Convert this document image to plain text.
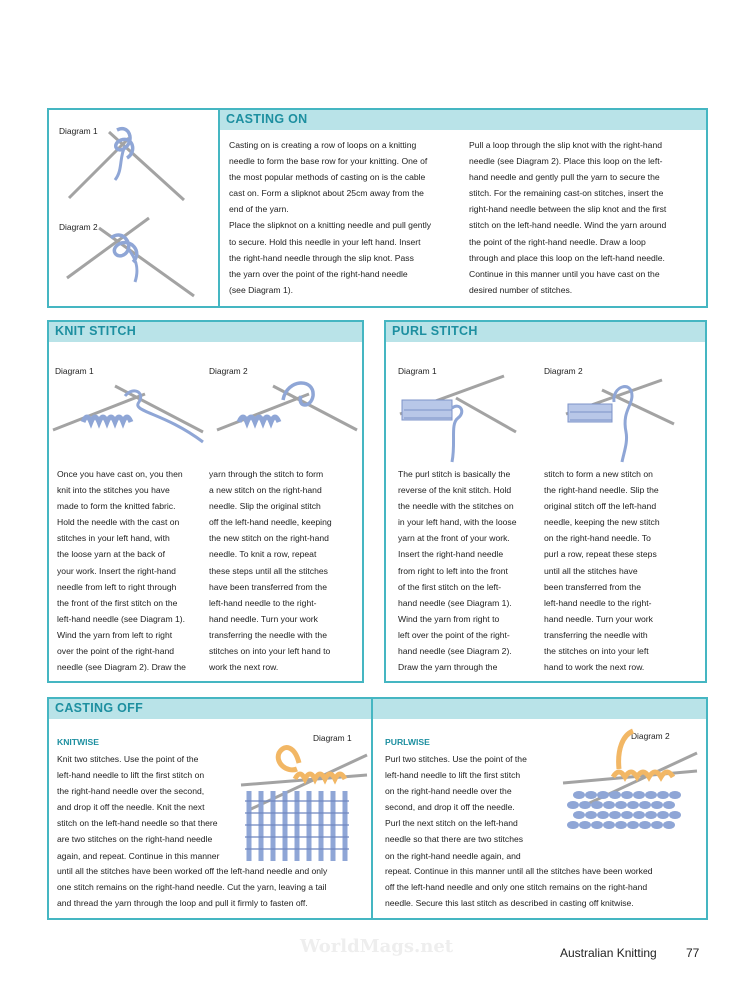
Diagram 1
Diagram 2
CASTING ON
Casting on is creating a row of loops on a knitting
needle to form the base row for your knitting. One of
the most popular methods of casting on is the cable
cast on. Form a slipknot about 25cm away from the
end of the yarn.
Place the slipknot on a knitting needle and pull gently
to secure. Hold this needle in your left hand. Insert
the right-hand needle through the slip knot. Pass
the yarn over the point of the right-hand needle
(see Diagram 1).
Pull a loop through the slip knot with the right-hand
needle (see Diagram 2). Place this loop on the left-
hand needle and gently pull the yarn to secure the
stitch. For the remaining cast-on stitches, insert the
right-hand needle between the slip knot and the first
stitch on the left-hand needle. Wind the yarn around
the point of the right-hand needle. Draw a loop
through and place this loop on the left-hand needle.
Continue in this manner until you have cast on the
desired number of stitches.
KNIT STITCH
Diagram 1	Diagram 2
Once you have cast on, you then
knit into the stitches you have
made to form the knitted fabric.
Hold the needle with the cast on
stitches in your left hand, with
the loose yarn at the back of
your work. Insert the right-hand
needle from left to right through
the front of the first stitch on the
left-hand needle (see Diagram 1).
Wind the yarn from left to right
over the point of the right-hand
needle (see Diagram 2). Draw the
yarn through the stitch to form
a new stitch on the right-hand
needle. Slip the original stitch
off the left-hand needle, keeping
the new stitch on the right-hand
needle. To knit a row, repeat
these steps until all the stitches
have been transferred from the
left-hand needle to the right-
hand needle. Turn your work
transferring the needle with the
stitches on into your left hand to
work the next row.
PURL STITCH
Diagram 1	Diagram 2
The purl stitch is basically the
reverse of the knit stitch. Hold
the needle with the stitches on
in your left hand, with the loose
yarn at the front of your work.
Insert the right-hand needle
from right to left into the front
of the first stitch on the left-
hand needle (see Diagram 1).
Wind the yarn from right to
left over the point of the right-
hand needle (see Diagram 2).
Draw the yarn through the
stitch to form a new stitch on
the right-hand needle. Slip the
original stitch off the left-hand
needle, keeping the new stitch
on the right-hand needle. To
purl a row, repeat these steps
until all the stitches have
been transferred from the
left-hand needle to the right-
hand needle. Turn your work
transferring the needle with
the stitches on into your left
hand to work the next row.
CASTING OFF
KNITWISE	Diagram 1
Knit two stitches. Use the point of the
left-hand needle to lift the first stitch on
the right-hand needle over the second,
and drop it off the needle. Knit the next
stitch on the left-hand needle so that there
are two stitches on the right-hand needle
again, and repeat. Continue in this manner
until all the stitches have been worked off the left-hand needle and only
one stitch remains on the right-hand needle. Cut the yarn, leaving a tail
and thread the yarn through the loop and pull it firmly to fasten off.
PURLWISE
Diagram 2
Purl two stitches. Use the point of the
left-hand needle to lift the first stitch
on the right-hand needle over the
second, and drop it off the needle.
Purl the next stitch on the left-hand
needle so that there are two stitches
on the right-hand needle again, and
repeat. Continue in this manner until all the stitches have been worked
off the left-hand needle and only one stitch remains on the right-hand
needle. Secure this last stitch as described in casting off knitwise.
WorldMags.net	Australian Knitting 77
